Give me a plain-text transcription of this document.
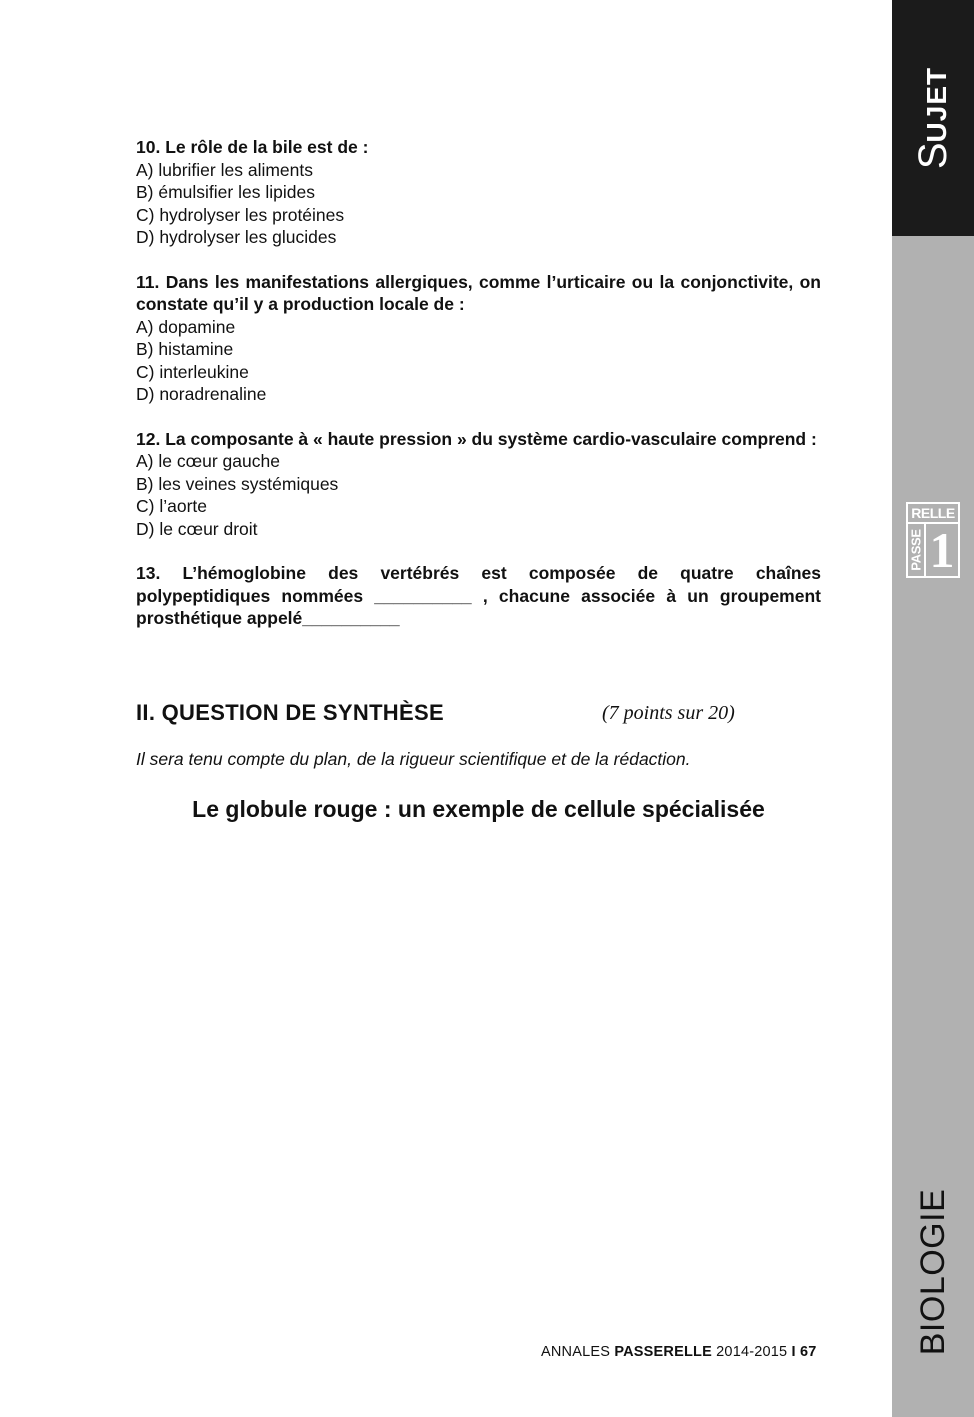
10. Le rôle de la bile est de :
A) lubrifier les aliments
B) émulsifier les lipides
C) hydrolyser les protéines
D) hydrolyser les glucides
11. Dans les manifestations allergiques, comme l’urticaire ou la conjonctivite, on constate qu’il y a production locale de :
A) dopamine
B) histamine
C) interleukine
D) noradrenaline
12. La composante à « haute pression » du système cardio-vasculaire comprend :
A) le cœur gauche
B) les veines systémiques
C) l’aorte
D) le cœur droit
13. L’hémoglobine des vertébrés est composée de quatre chaînes polypeptidiques nommées __________ , chacune associée à un groupement prosthétique appelé__________
II. QUESTION DE SYNTHÈSE	(7 points sur 20)
Il sera tenu compte du plan, de la rigueur scientifique et de la rédaction.
Le globule rouge : un exemple de cellule spécialisée
ANNALES PASSERELLE 2014-2015 I 67
SUJET
RELLE
PASSE 1
BIOLOGIE
